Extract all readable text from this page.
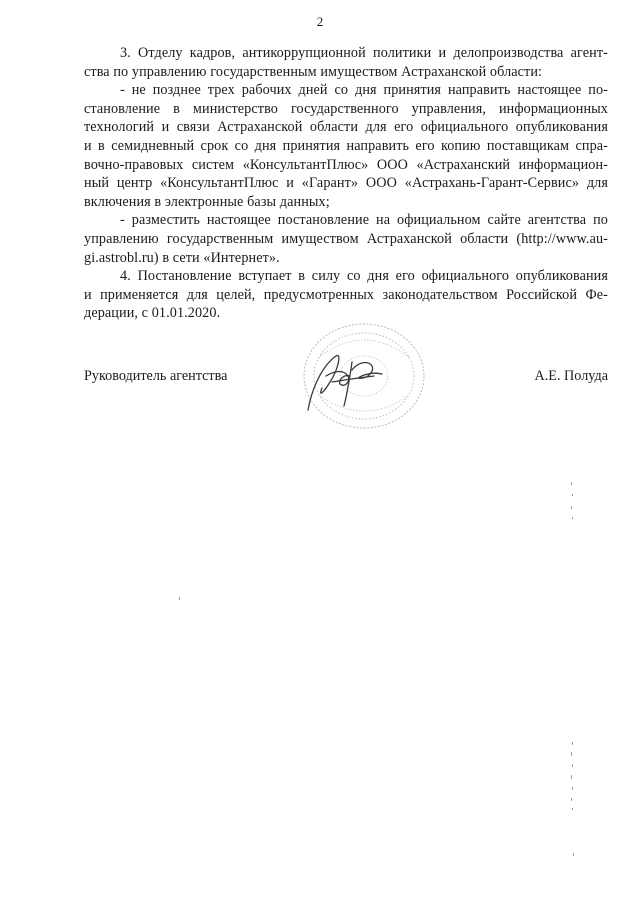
2
3. Отделу кадров, антикоррупционной политики и делопроизводства агент-
ства по управлению государственным имуществом Астраханской области:
- не позднее трех рабочих дней со дня принятия направить настоящее по-
становление в министерство государственного управления, информационных
технологий и связи Астраханской области для его официального опубликования
и в семидневный срок со дня принятия направить его копию поставщикам спра-
вочно-правовых систем «КонсультантПлюс» ООО «Астраханский информацион-
ный центр «КонсультантПлюс и «Гарант» ООО «Астрахань-Гарант-Сервис» для
включения в электронные базы данных;
- разместить настоящее постановление на официальном сайте агентства по
управлению государственным имуществом Астраханской области (http://www.au-
gi.astrobl.ru) в сети «Интернет».
4. Постановление вступает в силу со дня его официального опубликования
и применяется для целей, предусмотренных законодательством Российской Фе-
дерации, с 01.01.2020.
Руководитель агентства	А.Е. Полуда
